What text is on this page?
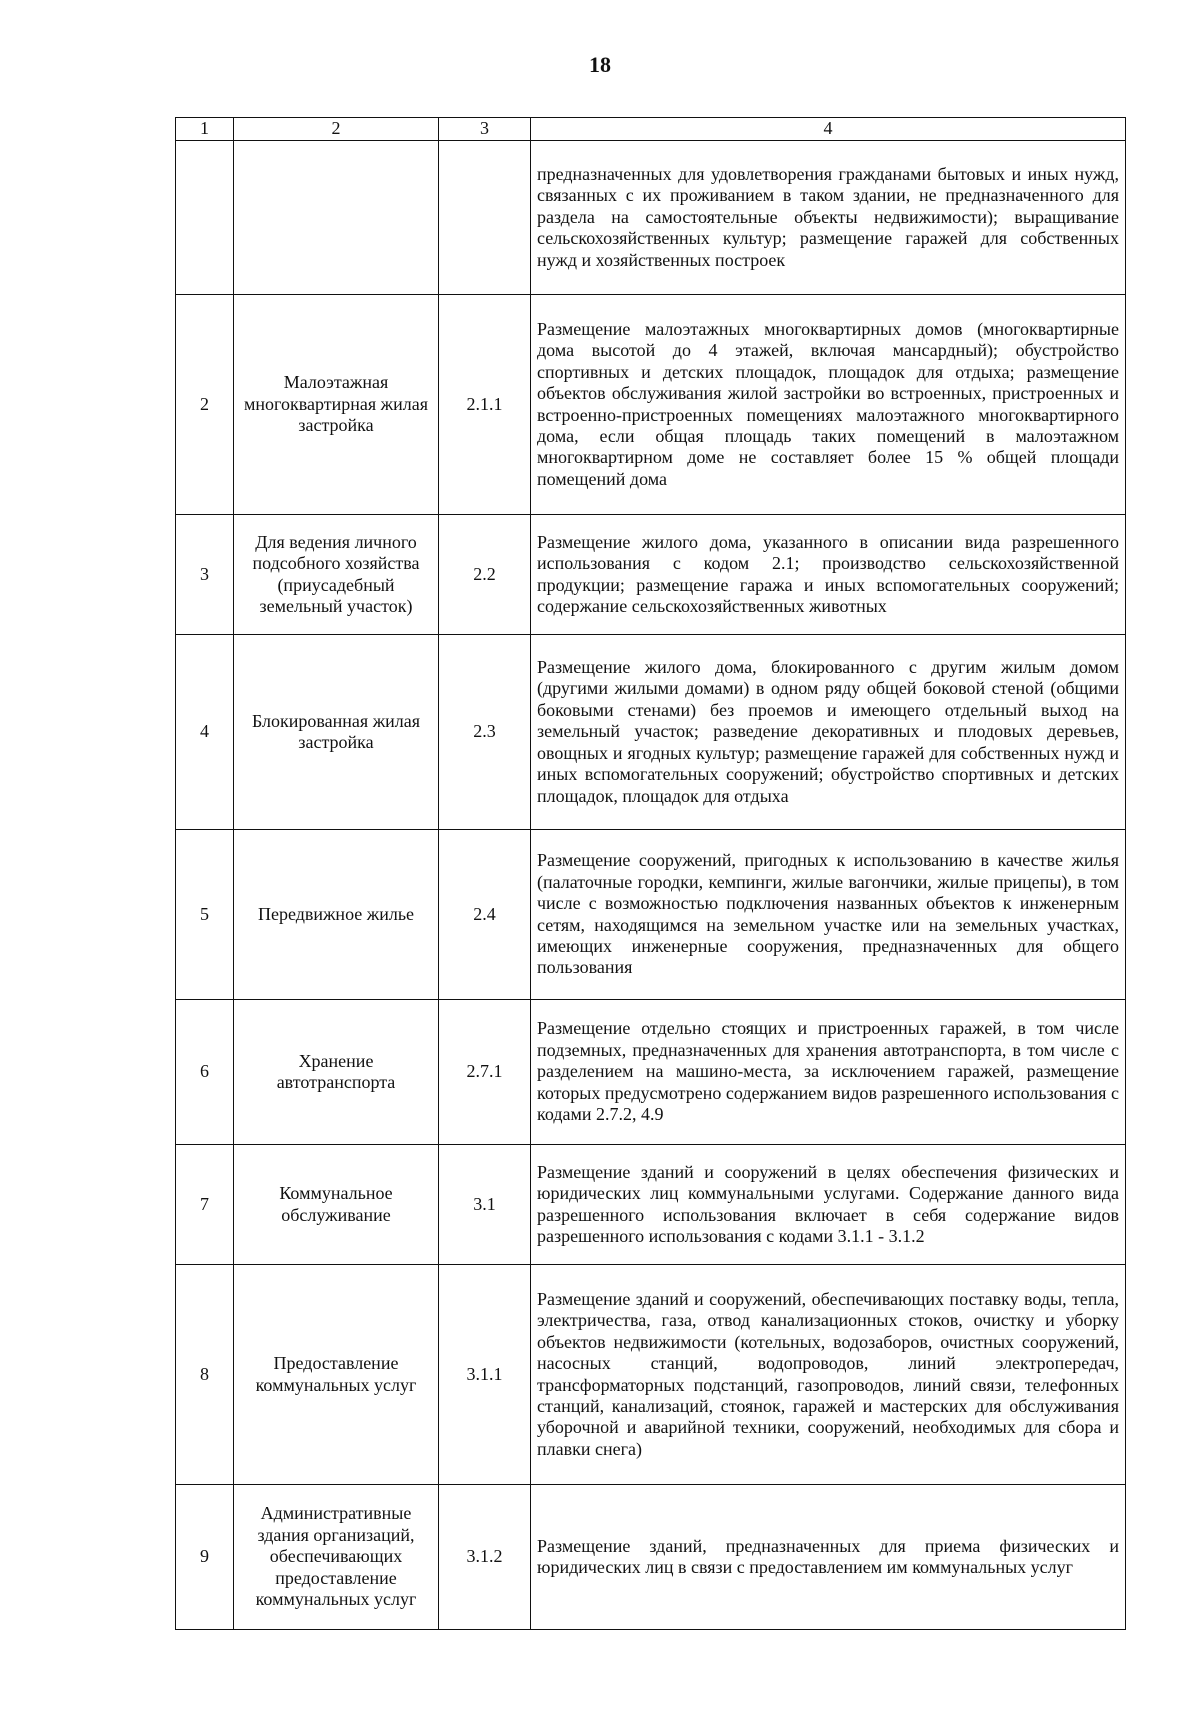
18
1	2	3	4
			предназначенных для удовлетворения гражданами бытовых и иных нужд, связанных с их проживанием в таком здании, не предназначенного для раздела на самостоятельные объекты недвижимости); выращивание сельскохозяйственных культур; размещение гаражей для собственных нужд и хозяйственных построек
2	Малоэтажная многоквартирная жилая застройка	2.1.1	Размещение малоэтажных многоквартирных домов (многоквартирные дома высотой до 4 этажей, включая мансардный); обустройство спортивных и детских площадок, площадок для отдыха; размещение объектов обслуживания жилой застройки во встроенных, пристроенных и встроенно-пристроенных помещениях малоэтажного многоквартирного дома, если общая площадь таких помещений в малоэтажном многоквартирном доме не составляет более 15 % общей площади помещений дома
3	Для ведения личного подсобного хозяйства (приусадебный земельный участок)	2.2	Размещение жилого дома, указанного в описании вида разрешенного использования с кодом 2.1; производство сельскохозяйственной продукции; размещение гаража и иных вспомогательных сооружений; содержание сельскохозяйственных животных
4	Блокированная жилая застройка	2.3	Размещение жилого дома, блокированного с другим жилым домом (другими жилыми домами) в одном ряду общей боковой стеной (общими боковыми стенами) без проемов и имеющего отдельный выход на земельный участок; разведение декоративных и плодовых деревьев, овощных и ягодных культур; размещение гаражей для собственных нужд и иных вспомогательных сооружений; обустройство спортивных и детских площадок, площадок для отдыха
5	Передвижное жилье	2.4	Размещение сооружений, пригодных к использованию в качестве жилья (палаточные городки, кемпинги, жилые вагончики, жилые прицепы), в том числе с возможностью подключения названных объектов к инженерным сетям, находящимся на земельном участке или на земельных участках, имеющих инженерные сооружения, предназначенных для общего пользования
6	Хранение автотранспорта	2.7.1	Размещение отдельно стоящих и пристроенных гаражей, в том числе подземных, предназначенных для хранения автотранспорта, в том числе с разделением на машино-места, за исключением гаражей, размещение которых предусмотрено содержанием видов разрешенного использования с кодами 2.7.2, 4.9
7	Коммунальное обслуживание	3.1	Размещение зданий и сооружений в целях обеспечения физических и юридических лиц коммунальными услугами. Содержание данного вида разрешенного использования включает в себя содержание видов разрешенного использования с кодами 3.1.1 - 3.1.2
8	Предоставление коммунальных услуг	3.1.1	Размещение зданий и сооружений, обеспечивающих поставку воды, тепла, электричества, газа, отвод канализационных стоков, очистку и уборку объектов недвижимости (котельных, водозаборов, очистных сооружений, насосных станций, водопроводов, линий электропередач, трансформаторных подстанций, газопроводов, линий связи, телефонных станций, канализаций, стоянок, гаражей и мастерских для обслуживания уборочной и аварийной техники, сооружений, необходимых для сбора и плавки снега)
9	Административные здания организаций, обеспечивающих предоставление коммунальных услуг	3.1.2	Размещение зданий, предназначенных для приема физических и юридических лиц в связи с предоставлением им коммунальных услуг
